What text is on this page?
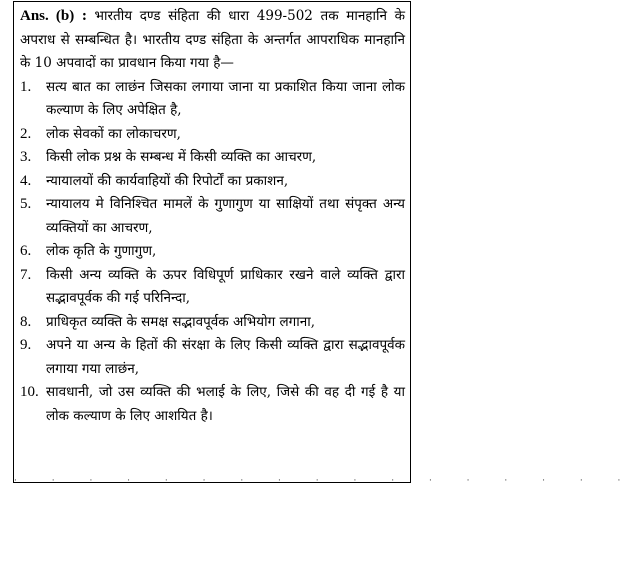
Ans. (b) : भारतीय दण्ड संहिता की धारा 499-502 तक मानहानि के अपराध से सम्बन्धित है। भारतीय दण्ड संहिता के अन्तर्गत आपराधिक मानहानि के 10 अपवादों का प्रावधान किया गया है—

1.	सत्य बात का लाछंन जिसका लगाया जाना या प्रकाशित किया जाना लोक कल्याण के लिए अपेक्षित है,
2.	लोक सेवकों का लोकाचरण,
3.	किसी लोक प्रश्न के सम्बन्ध में किसी व्यक्ति का आचरण,
4.	न्यायालयों की कार्यवाहियों की रिपोर्टों का प्रकाशन,
5.	न्यायालय मे विनिश्चित मामलें के गुणागुण या साक्षियों तथा संपृक्त अन्य व्यक्तियों का आचरण,
6.	लोक कृति के गुणागुण,
7.	किसी अन्य व्यक्ति के ऊपर विधिपूर्ण प्राधिकार रखने वाले व्यक्ति द्वारा सद्भावपूर्वक की गई परिनिन्दा,
8.	प्राधिकृत व्यक्ति के समक्ष सद्भावपूर्वक अभियोग लगाना,
9.	अपने या अन्य के हितों की संरक्षा के लिए किसी व्यक्ति द्वारा सद्भावपूर्वक लगाया गया लाछंन,
10. सावधानी, जो उस व्यक्ति की भलाई के लिए, जिसे की वह दी गई है या लोक कल्याण के लिए आशयित है।
· · · · · · · · · · · · · · · · ·
